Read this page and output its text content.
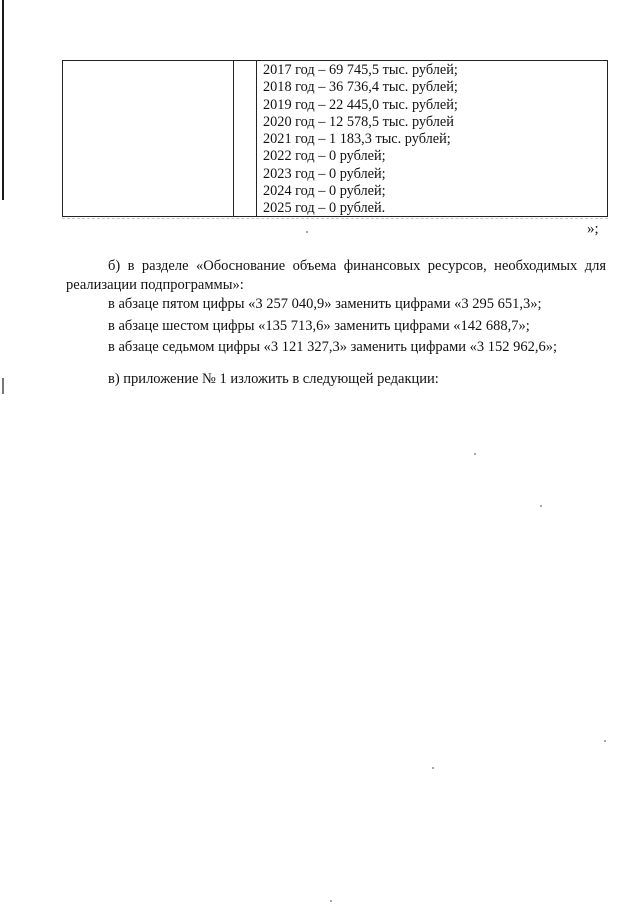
2017 год – 69 745,5 тыс. рублей;
2018 год – 36 736,4 тыс. рублей;
2019 год – 22 445,0 тыс. рублей;
2020 год – 12 578,5 тыс. рублей
2021 год – 1 183,3 тыс. рублей;
2022 год – 0 рублей;
2023 год – 0 рублей;
2024 год – 0 рублей;
2025 год – 0 рублей.
»;

б) в разделе «Обоснование объема финансовых ресурсов, необходимых для реализации подпрограммы»:

в абзаце пятом цифры «3 257 040,9» заменить цифрами «3 295 651,3»;
в абзаце шестом цифры «135 713,6» заменить цифрами «142 688,7»;
в абзаце седьмом цифры «3 121 327,3» заменить цифрами «3 152 962,6»;
в) приложение № 1 изложить в следующей редакции:
